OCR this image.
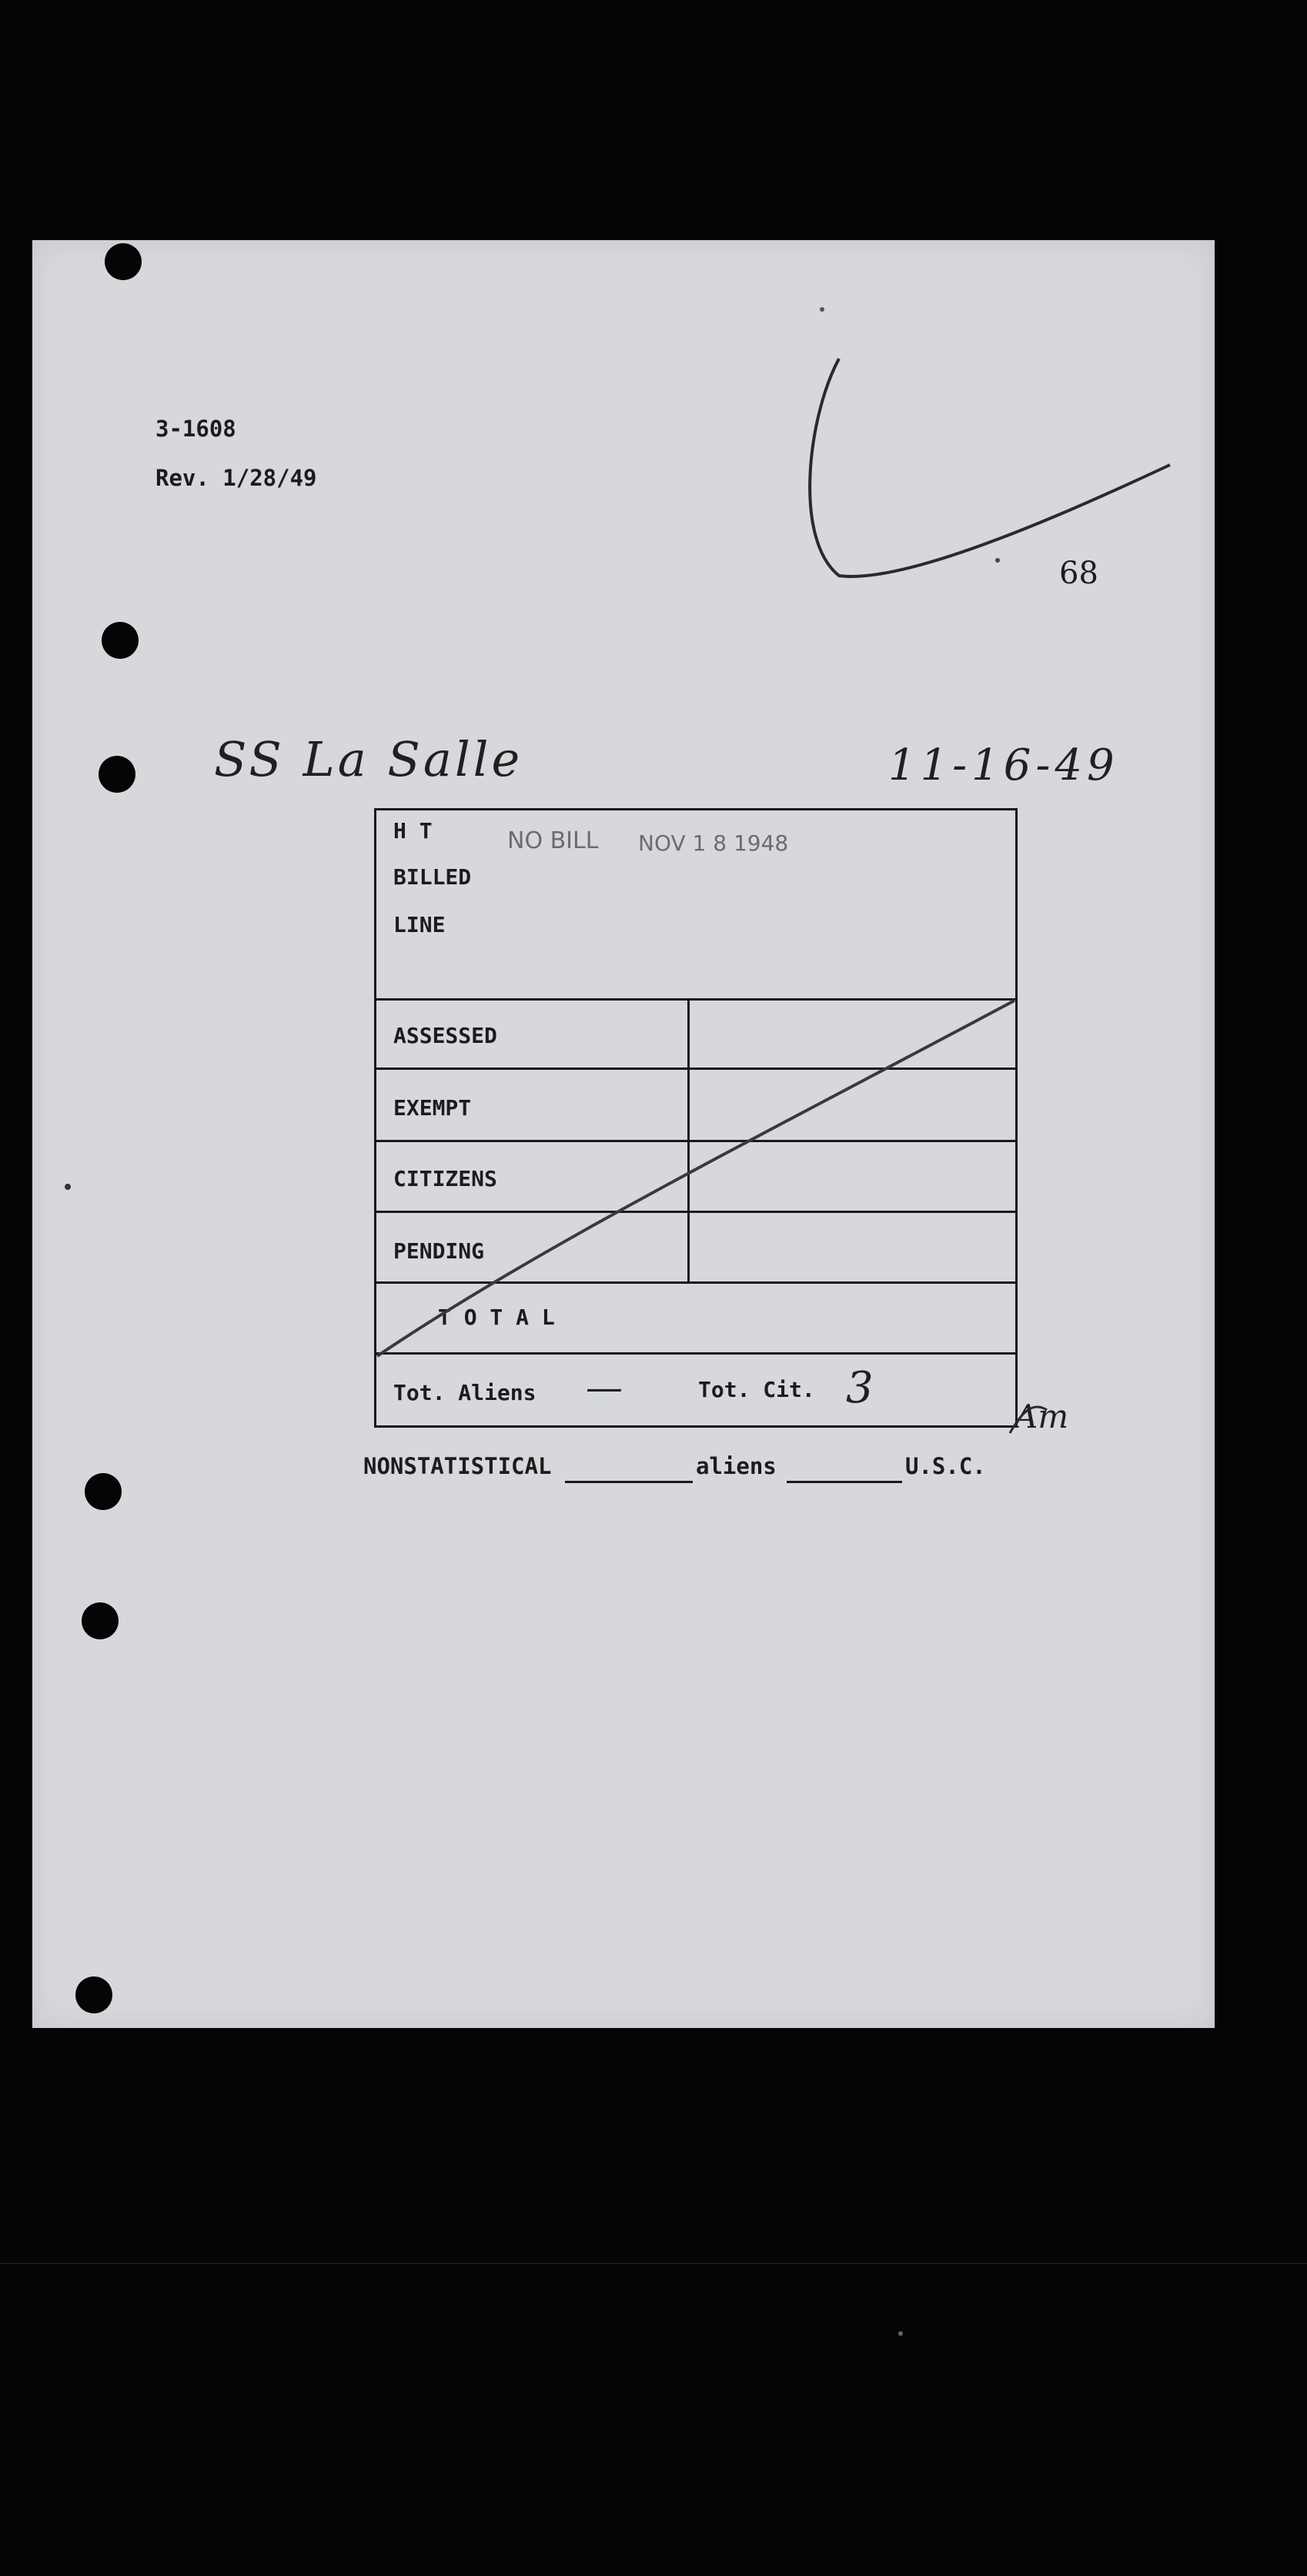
3-1608
Rev. 1/28/49
68
SS La Salle	11-16-49
H T
BILLED
LINE
NO BILL NOV 1 8 1948
ASSESSED
EXEMPT
CITIZENS
PENDING
T O T A L
Tot. Aliens —	Tot. Cit. 3
Am
NONSTATISTICAL	aliens	U.S.C.
